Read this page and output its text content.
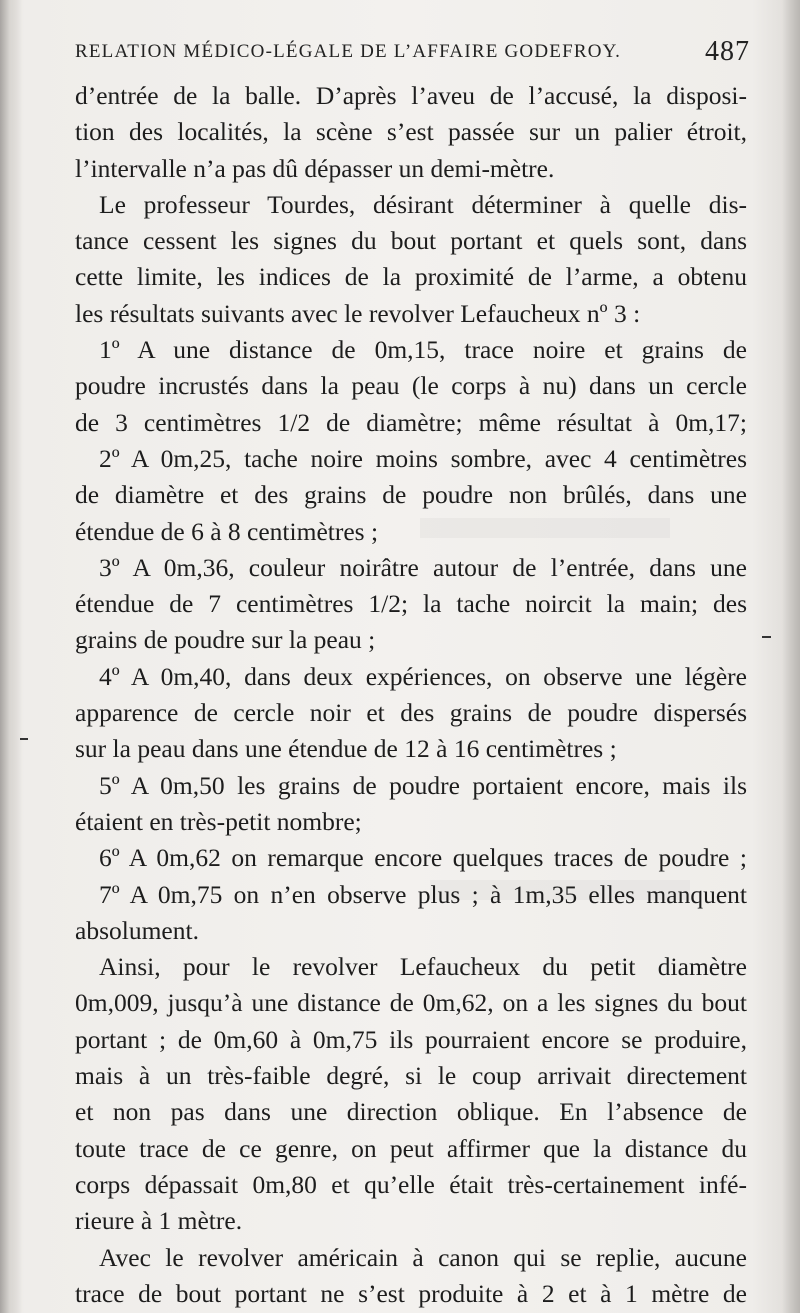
RELATION MÉDICO-LÉGALE DE L’AFFAIRE GODEFROY.	487
d’entrée de la balle. D’après l’aveu de l’accusé, la disposi-
tion des localités, la scène s’est passée sur un palier étroit,
l’intervalle n’a pas dû dépasser un demi-mètre.
Le professeur Tourdes, désirant déterminer à quelle dis-
tance cessent les signes du bout portant et quels sont, dans
cette limite, les indices de la proximité de l’arme, a obtenu
les résultats suivants avec le revolver Lefaucheux nº 3 :
1º A une distance de 0m,15, trace noire et grains de
poudre incrustés dans la peau (le corps à nu) dans un cercle
de 3 centimètres 1/2 de diamètre; même résultat à 0m,17;
2º A 0m,25, tache noire moins sombre, avec 4 centimètres
de diamètre et des grains de poudre non brûlés, dans une
étendue de 6 à 8 centimètres ;
3º A 0m,36, couleur noirâtre autour de l’entrée, dans une
étendue de 7 centimètres 1/2; la tache noircit la main; des
grains de poudre sur la peau ;
4º A 0m,40, dans deux expériences, on observe une légère
apparence de cercle noir et des grains de poudre dispersés
sur la peau dans une étendue de 12 à 16 centimètres ;
5º A 0m,50 les grains de poudre portaient encore, mais ils
étaient en très-petit nombre;
6º A 0m,62 on remarque encore quelques traces de poudre ;
7º A 0m,75 on n’en observe plus ; à 1m,35 elles manquent
absolument.
Ainsi, pour le revolver Lefaucheux du petit diamètre
0m,009, jusqu’à une distance de 0m,62, on a les signes du bout
portant ; de 0m,60 à 0m,75 ils pourraient encore se produire,
mais à un très-faible degré, si le coup arrivait directement
et non pas dans une direction oblique. En l’absence de
toute trace de ce genre, on peut affirmer que la distance du
corps dépassait 0m,80 et qu’elle était très-certainement infé-
rieure à 1 mètre.
Avec le revolver américain à canon qui se replie, aucune
trace de bout portant ne s’est produite à 2 et à 1 mètre de
